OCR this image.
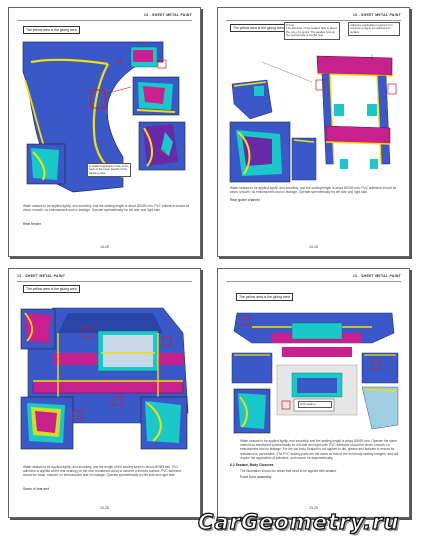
13 - SHEET METAL PAINT
The yellow area is the gluing area
A sealant application hole at the back of the lower boards in the backing plate
Water sealant to be applied tightly, and smoothly, and the sealing length is about Ø2/Ø3 mm. PVC adhesive should be clean, smooth, no embossment and no leakage. Operate symmetrically for left side and right side.
Rear fender
13-25
13 - SHEET METAL PAINT
The yellow area is the gluing area
P hole
The diameter of the sealant hole is about the size of a pencil. The sealant hole at the vertical side is the B4 hole.
Adhesive application required: It is required to apply the adhesive to surface
Water sealant to be applied tightly, and smoothly, and the sealing length is about Ø2/Ø3 mm. PVC adhesive should be clean, smooth, no embossment and no leakage. Operate symmetrically for left side and right side.
Rear gutter channel
13-26
13 - SHEET METAL PAINT
The yellow area is the gluing area
Water sealant to be applied tightly, and smoothly, and the length of the sealing seam is about Ø2/Ø3 mm. PVC adhesive is applied at the rear sealing (on the rear crossbeam area) to achieve a smooth surface. PVC adhesive should be clean, smooth, no embossment and no leakage. Operate symmetrically for left side and right side.
Seam of rear end
13-28
13 - SHEET METAL PAINT
The yellow area is the gluing area
PVC sealing
Water sealant to be applied tightly, and smoothly, and the sealing length is about Ø2/Ø3 mm. Operate the same method as mentioned symmetrically for left side and right side. PVC adhesive should be clean, smooth, no embossment and no leakage. For the car body Sealant is not applied to dirt, grease and bubbles to ensure its resistance to penetration. The PVC sealing parts are the same as that of the front body sealing hangers, and will require the application of adhesive, and cannot be asymmetrically.
6.2 Sealant, Body Closures
The illustration shows the areas that need to be applied with sealant.
Front Door assembly
13-29
CarGeometry.ru
